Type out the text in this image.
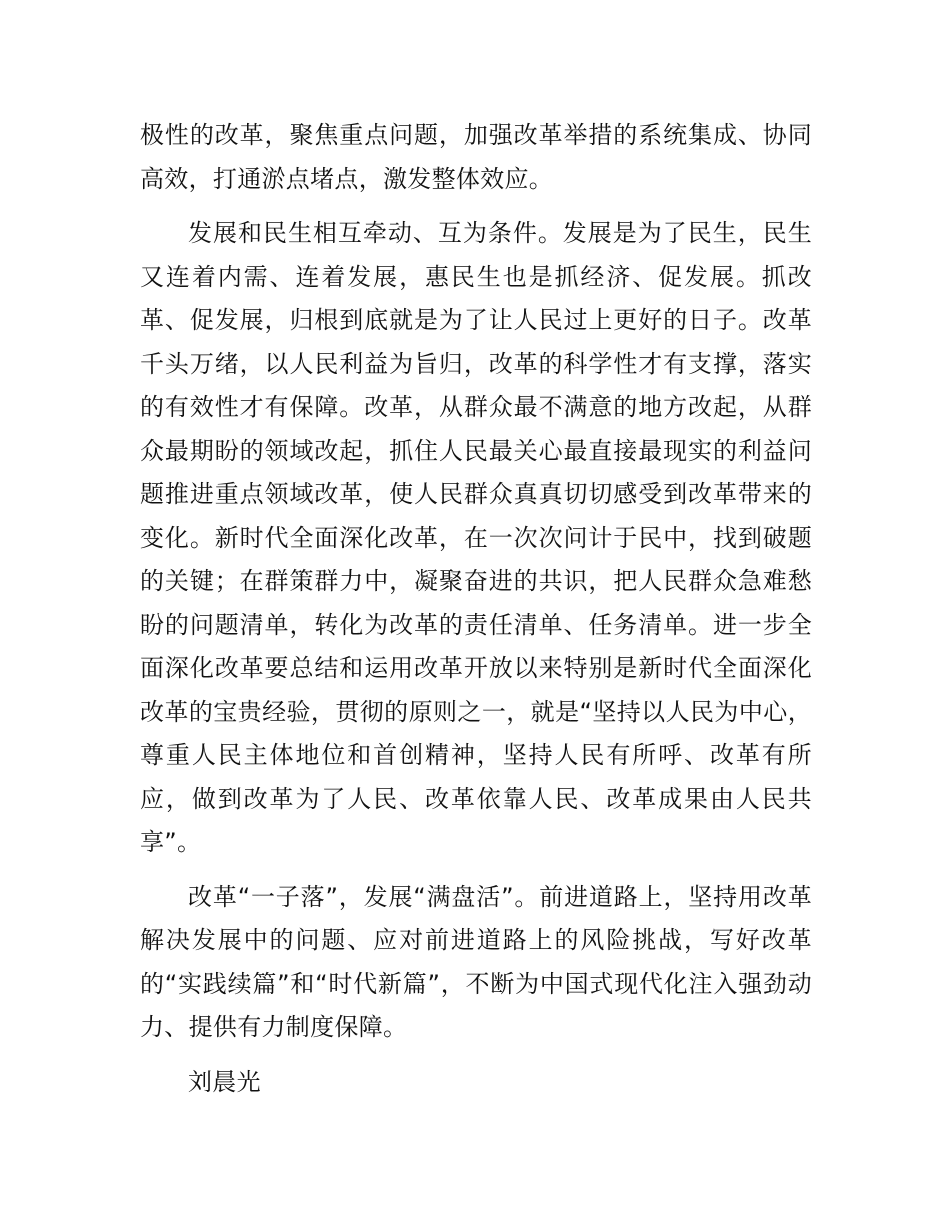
极性的改革，聚焦重点问题，加强改革举措的系统集成、协同高效，打通淤点堵点，激发整体效应。

发展和民生相互牵动、互为条件。发展是为了民生，民生又连着内需、连着发展，惠民生也是抓经济、促发展。抓改革、促发展，归根到底就是为了让人民过上更好的日子。改革千头万绪，以人民利益为旨归，改革的科学性才有支撑，落实的有效性才有保障。改革，从群众最不满意的地方改起，从群众最期盼的领域改起，抓住人民最关心最直接最现实的利益问题推进重点领域改革，使人民群众真真切切感受到改革带来的变化。新时代全面深化改革，在一次次问计于民中，找到破题的关键；在群策群力中，凝聚奋进的共识，把人民群众急难愁盼的问题清单，转化为改革的责任清单、任务清单。进一步全面深化改革要总结和运用改革开放以来特别是新时代全面深化改革的宝贵经验，贯彻的原则之一，就是“坚持以人民为中心，尊重人民主体地位和首创精神，坚持人民有所呼、改革有所应，做到改革为了人民、改革依靠人民、改革成果由人民共享”。

改革“一子落”，发展“满盘活”。前进道路上，坚持用改革解决发展中的问题、应对前进道路上的风险挑战，写好改革的“实践续篇”和“时代新篇”，不断为中国式现代化注入强劲动力、提供有力制度保障。

刘晨光
